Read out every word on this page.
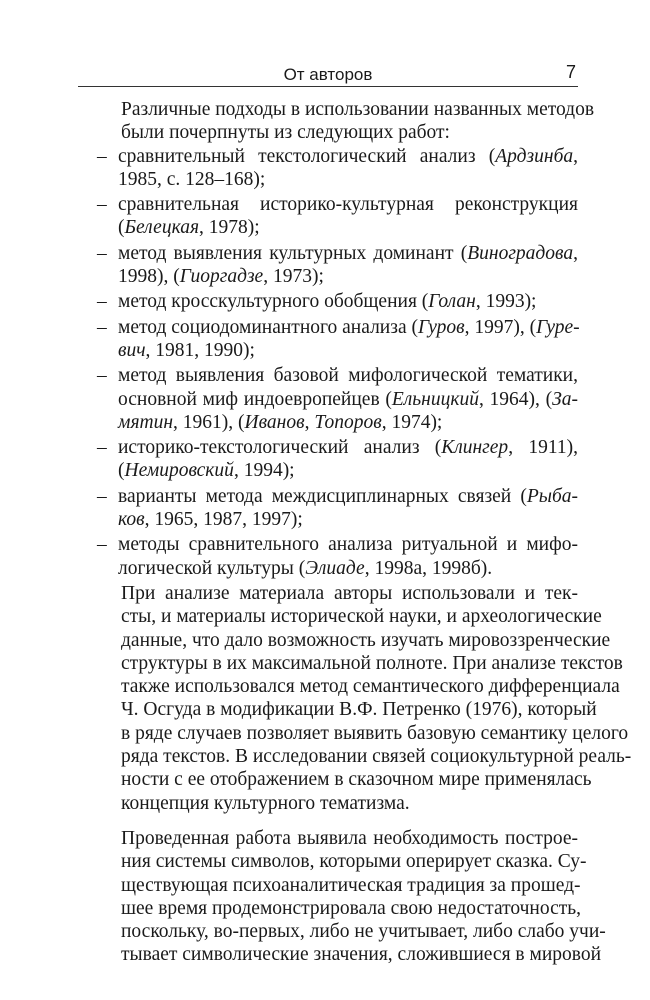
От авторов	7

Различные подходы в использовании названных методов
были почерпнуты из следующих работ:

– сравнительный текстологический анализ (Ардзинба,
1985, с. 128–168);
– сравнительная историко-культурная реконструкция
(Белецкая, 1978);
– метод выявления культурных доминант (Виноградова,
1998), (Гиоргадзе, 1973);
– метод кросскультурного обобщения (Голан, 1993);
– метод социодоминантного анализа (Гуров, 1997), (Гуре-
вич, 1981, 1990);
– метод выявления базовой мифологической тематики,
основной миф индоевропейцев (Ельницкий, 1964), (За-
мятин, 1961), (Иванов, Топоров, 1974);
– историко-текстологический анализ (Клингер, 1911),
(Немировский, 1994);
– варианты метода междисциплинарных связей (Рыба-
ков, 1965, 1987, 1997);
– методы сравнительного анализа ритуальной и мифо-
логической культуры (Элиаде, 1998а, 1998б).

При анализе материала авторы использовали и тек-
сты, и материалы исторической науки, и археологические
данные, что дало возможность изучать мировоззренческие
структуры в их максимальной полноте. При анализе текстов
также использовался метод семантического дифференциала
Ч. Осгуда в модификации В.Ф. Петренко (1976), который
в ряде случаев позволяет выявить базовую семантику целого
ряда текстов. В исследовании связей социокультурной реаль-
ности с ее отображением в сказочном мире применялась
концепция культурного тематизма.

Проведенная работа выявила необходимость построе-
ния системы символов, которыми оперирует сказка. Су-
ществующая психоаналитическая традиция за прошед-
шее время продемонстрировала свою недостаточность,
поскольку, во-первых, либо не учитывает, либо слабо учи-
тывает символические значения, сложившиеся в мировой
